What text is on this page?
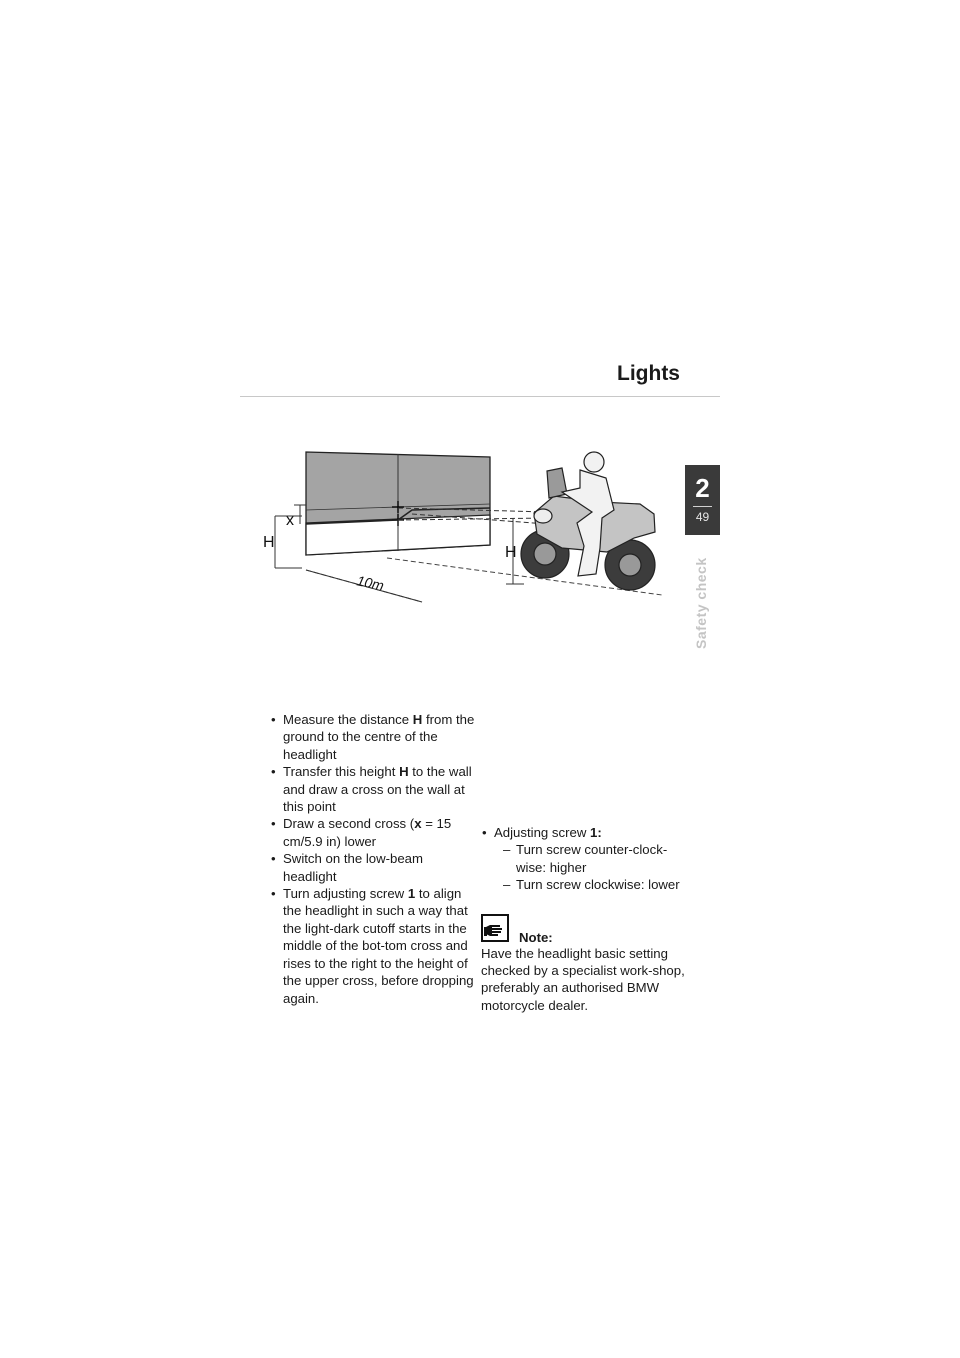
Lights
2
49
Safety check
x
H
H
10m
• Measure the distance H from the ground to the centre of the headlight
• Transfer this height H to the wall and draw a cross on the wall at this point
• Draw a second cross (x = 15 cm/5.9 in) lower
• Switch on the low-beam headlight
• Turn adjusting screw 1 to align the headlight in such a way that the light-dark cutoff starts in the middle of the bot-tom cross and rises to the right to the height of the upper cross, before dropping again.
• Adjusting screw 1:
– Turn screw counter-clock-wise: higher
– Turn screw clockwise: lower
Note:
Have the headlight basic setting checked by a specialist work-shop, preferably an authorised BMW motorcycle dealer.
